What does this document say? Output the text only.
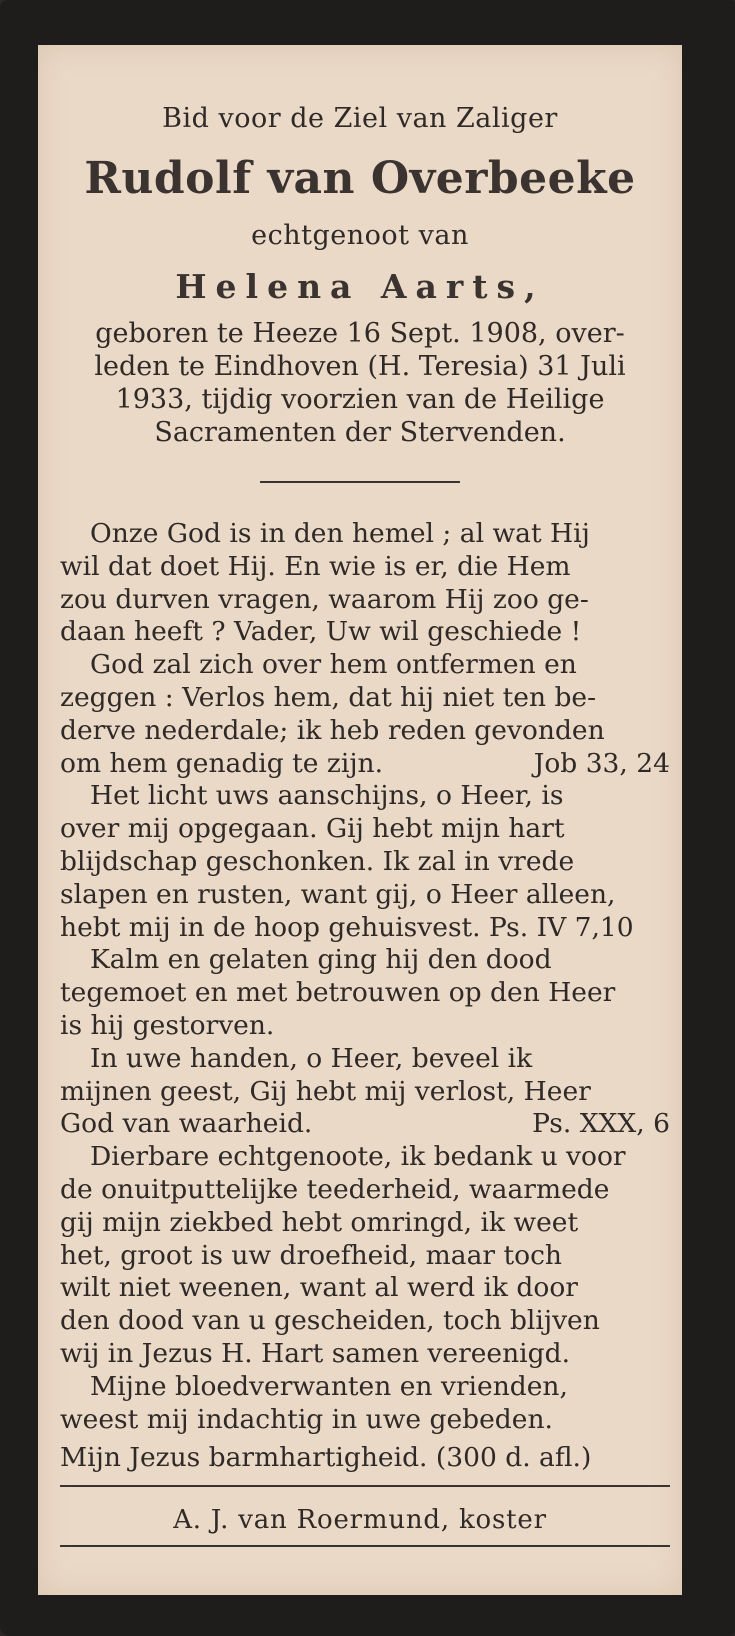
Bid voor de Ziel van Zaliger
Rudolf van Overbeeke
echtgenoot van
Helena Aarts,
geboren te Heeze 16 Sept. 1908, over-
leden te Eindhoven (H. Teresia) 31 Juli
1933, tijdig voorzien van de Heilige
Sacramenten der Stervenden.
Onze God is in den hemel ; al wat Hij
wil dat doet Hij. En wie is er, die Hem
zou durven vragen, waarom Hij zoo ge-
daan heeft ? Vader, Uw wil geschiede !
God zal zich over hem ontfermen en
zeggen : Verlos hem, dat hij niet ten be-
derve nederdale; ik heb reden gevonden
om hem genadig te zijn.	Job 33, 24
Het licht uws aanschijns, o Heer, is
over mij opgegaan. Gij hebt mijn hart
blijdschap geschonken. Ik zal in vrede
slapen en rusten, want gij, o Heer alleen,
hebt mij in de hoop gehuisvest. Ps. IV 7,10
Kalm en gelaten ging hij den dood
tegemoet en met betrouwen op den Heer
is hij gestorven.
In uwe handen, o Heer, beveel ik
mijnen geest, Gij hebt mij verlost, Heer
God van waarheid.	Ps. XXX, 6
Dierbare echtgenoote, ik bedank u voor
de onuitputtelijke teederheid, waarmede
gij mijn ziekbed hebt omringd, ik weet
het, groot is uw droefheid, maar toch
wilt niet weenen, want al werd ik door
den dood van u gescheiden, toch blijven
wij in Jezus H. Hart samen vereenigd.
Mijne bloedverwanten en vrienden,
weest mij indachtig in uwe gebeden.
Mijn Jezus barmhartigheid. (300 d. afl.)
A. J. van Roermund, koster
